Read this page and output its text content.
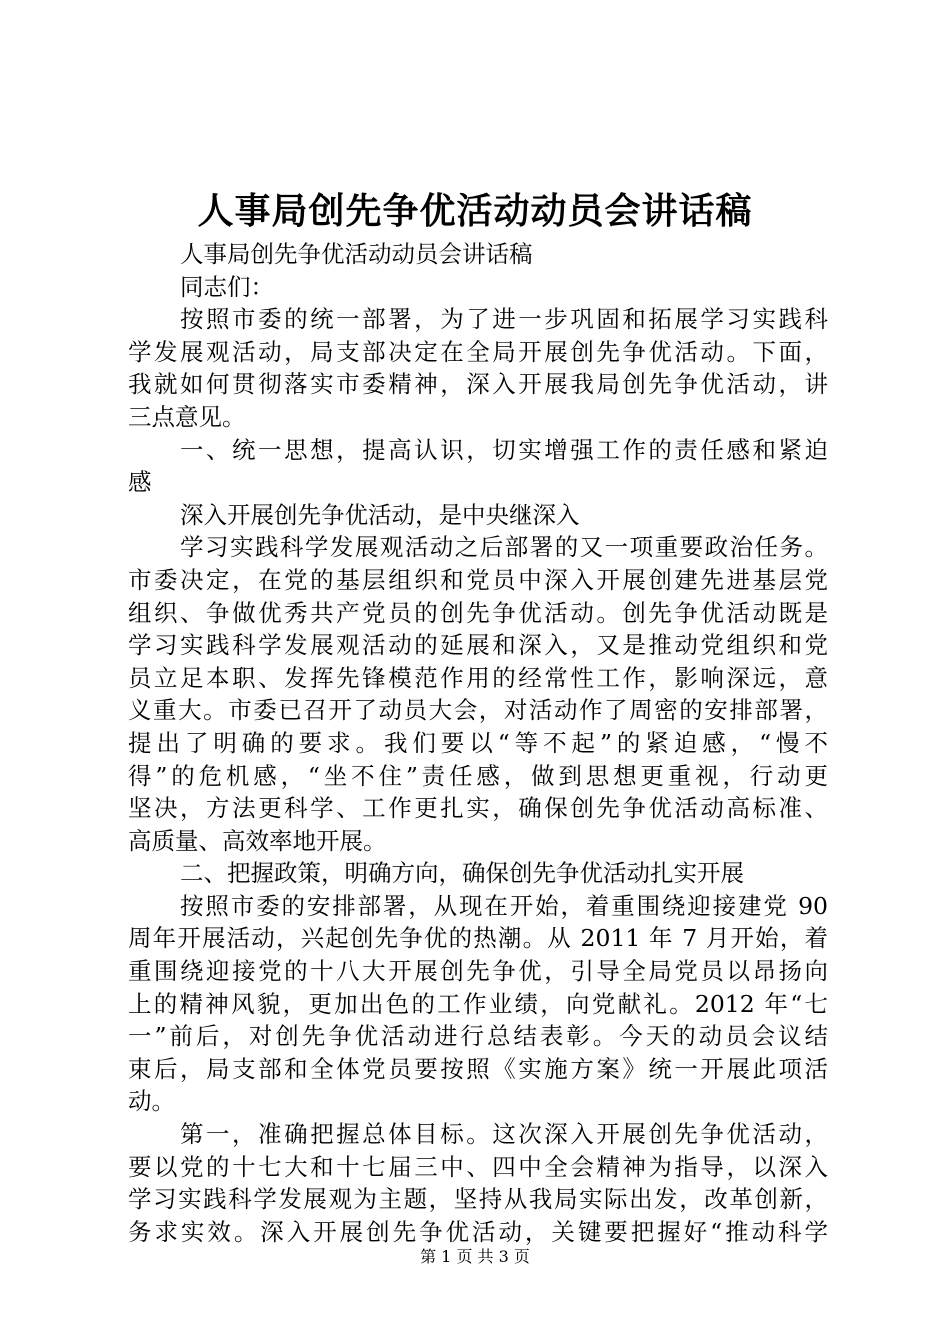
人事局创先争优活动动员会讲话稿
人事局创先争优活动动员会讲话稿
同志们：
按照市委的统一部署，为了进一步巩固和拓展学习实践科
学发展观活动，局支部决定在全局开展创先争优活动。下面，
我就如何贯彻落实市委精神，深入开展我局创先争优活动，讲
三点意见。
一、统一思想，提高认识，切实增强工作的责任感和紧迫
感
深入开展创先争优活动，是中央继深入
学习实践科学发展观活动之后部署的又一项重要政治任务。
市委决定，在党的基层组织和党员中深入开展创建先进基层党
组织、争做优秀共产党员的创先争优活动。创先争优活动既是
学习实践科学发展观活动的延展和深入，又是推动党组织和党
员立足本职、发挥先锋模范作用的经常性工作，影响深远，意
义重大。市委已召开了动员大会，对活动作了周密的安排部署，
提出了明确的要求。我们要以“等不起”的紧迫感，“慢不
得”的危机感，“坐不住”责任感，做到思想更重视，行动更
坚决，方法更科学、工作更扎实，确保创先争优活动高标准、
高质量、高效率地开展。
二、把握政策，明确方向，确保创先争优活动扎实开展
按照市委的安排部署，从现在开始，着重围绕迎接建党 90
周年开展活动，兴起创先争优的热潮。从 2011 年 7 月开始，着
重围绕迎接党的十八大开展创先争优，引导全局党员以昂扬向
上的精神风貌，更加出色的工作业绩，向党献礼。2012 年“七
一”前后，对创先争优活动进行总结表彰。今天的动员会议结
束后，局支部和全体党员要按照《实施方案》统一开展此项活
动。
第一，准确把握总体目标。这次深入开展创先争优活动，
要以党的十七大和十七届三中、四中全会精神为指导，以深入
学习实践科学发展观为主题，坚持从我局实际出发，改革创新，
务求实效。深入开展创先争优活动，关键要把握好“推动科学
第 1 页 共 3 页
